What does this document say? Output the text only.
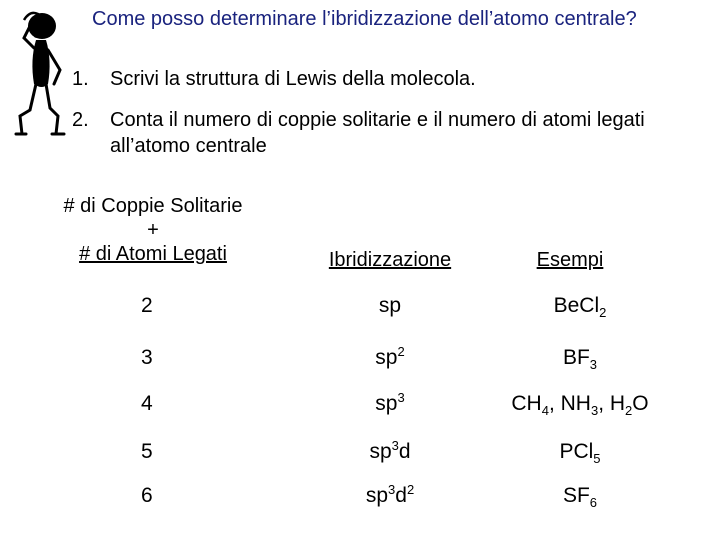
Come posso determinare l’ibridizzazione dell’atomo centrale?
1. Scrivi la struttura di Lewis della molecola.
2. Conta il numero di coppie solitarie e il numero di atomi legati all’atomo centrale
# di Coppie Solitarie
+
# di Atomi Legati	Ibridizzazione	Esempi
2	sp	BeCl$_2$
3	$sp^2$	$BF_3$
4	$sp^3$	$CH_4$, $NH_3$, $H_2O$
5	$sp^3d$	PCl$_5$
6	$sp^3d^2$	$SF_6$
